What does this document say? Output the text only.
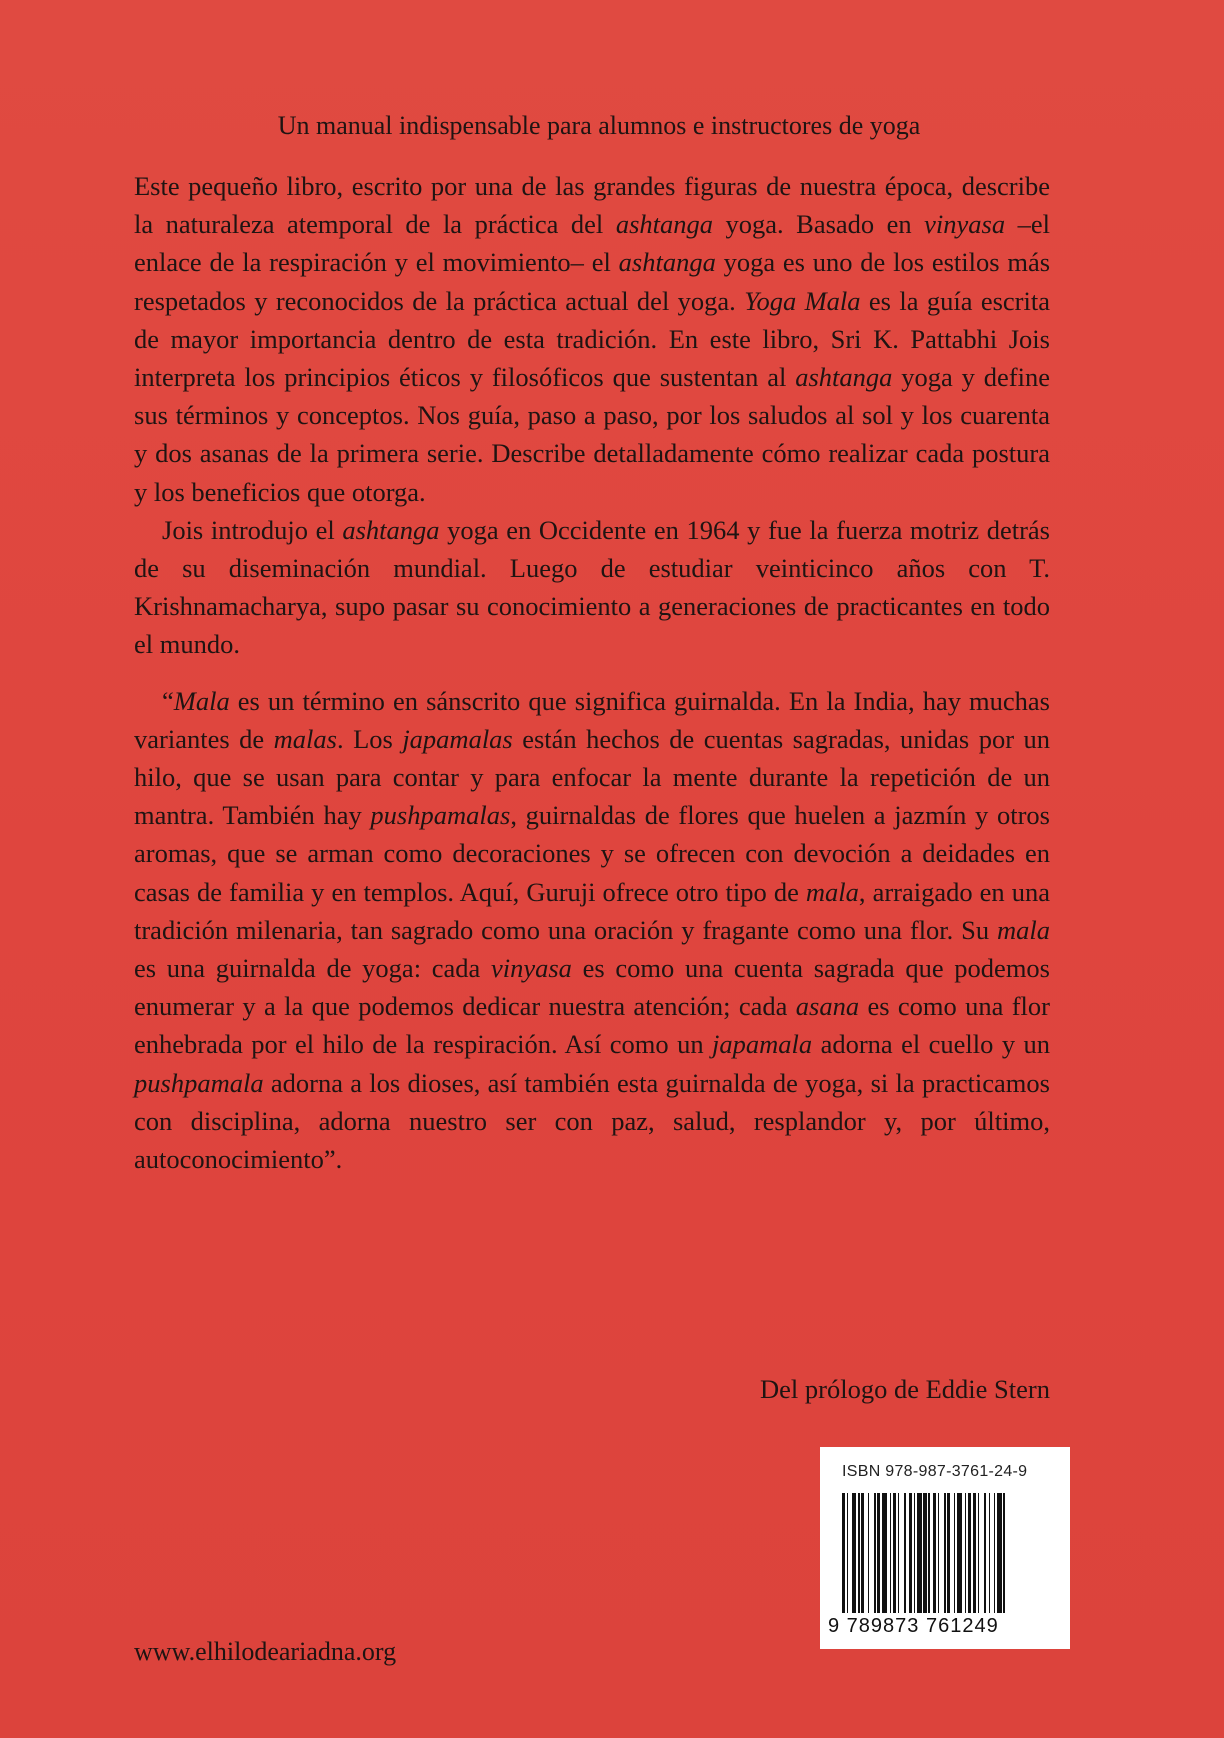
Un manual indispensable para alumnos e instructores de yoga

Este pequeño libro, escrito por una de las grandes figuras de nuestra época, describe la naturaleza atemporal de la práctica del ashtanga yoga. Basado en vinyasa –el enlace de la respiración y el movimiento– el ashtanga yoga es uno de los estilos más respetados y reconocidos de la práctica actual del yoga. Yoga Mala es la guía escrita de mayor importancia dentro de esta tradición. En este libro, Sri K. Pattabhi Jois interpreta los principios éticos y filosóficos que sustentan al ashtanga yoga y define sus términos y conceptos. Nos guía, paso a paso, por los saludos al sol y los cuarenta y dos asanas de la primera serie. Describe detalladamente cómo realizar cada postura y los beneficios que otorga.

Jois introdujo el ashtanga yoga en Occidente en 1964 y fue la fuerza motriz detrás de su diseminación mundial. Luego de estudiar veinticinco años con T. Krishnamacharya, supo pasar su conocimiento a generaciones de practicantes en todo el mundo.

“Mala es un término en sánscrito que significa guirnalda. En la India, hay muchas variantes de malas. Los japamalas están hechos de cuentas sagradas, unidas por un hilo, que se usan para contar y para enfocar la mente durante la repetición de un mantra. También hay pushpamalas, guirnaldas de flores que huelen a jazmín y otros aromas, que se arman como decoraciones y se ofrecen con devoción a deidades en casas de familia y en templos. Aquí, Guruji ofrece otro tipo de mala, arraigado en una tradición milenaria, tan sagrado como una oración y fragante como una flor. Su mala es una guirnalda de yoga: cada vinyasa es como una cuenta sagrada que podemos enumerar y a la que podemos dedicar nuestra atención; cada asana es como una flor enhebrada por el hilo de la respiración. Así como un japamala adorna el cuello y un pushpamala adorna a los dioses, así también esta guirnalda de yoga, si la practicamos con disciplina, adorna nuestro ser con paz, salud, resplandor y, por último, autoconocimiento”.

Del prólogo de Eddie Stern
ISBN 978-987-3761-24-9
9 789873 761249
www.elhilodeariadna.org
